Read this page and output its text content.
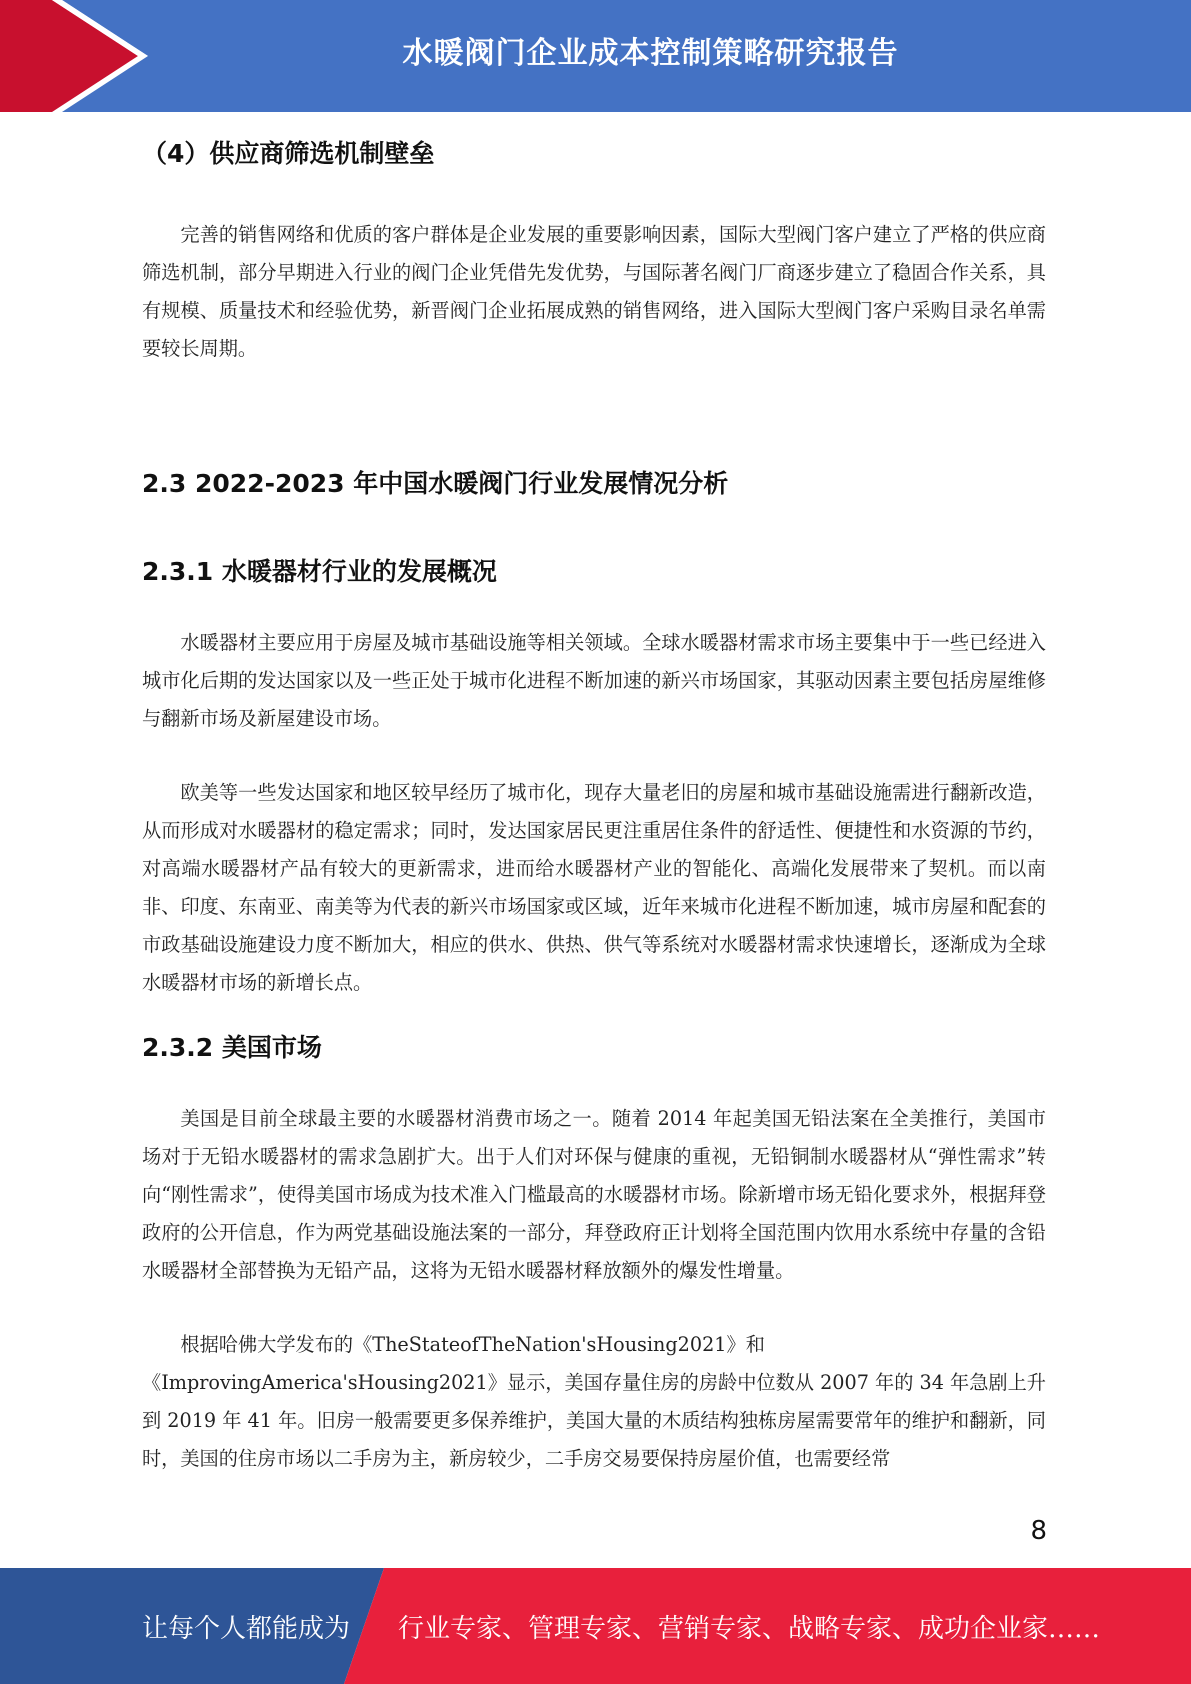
水暖阀门企业成本控制策略研究报告
（4）供应商筛选机制壁垒

完善的销售网络和优质的客户群体是企业发展的重要影响因素，国际大型阀门客户建立了严格的供应商筛选机制，部分早期进入行业的阀门企业凭借先发优势，与国际著名阀门厂商逐步建立了稳固合作关系，具有规模、质量技术和经验优势，新晋阀门企业拓展成熟的销售网络，进入国际大型阀门客户采购目录名单需要较长周期。

2.3 2022-2023 年中国水暖阀门行业发展情况分析
2.3.1 水暖器材行业的发展概况

水暖器材主要应用于房屋及城市基础设施等相关领域。全球水暖器材需求市场主要集中于一些已经进入城市化后期的发达国家以及一些正处于城市化进程不断加速的新兴市场国家，其驱动因素主要包括房屋维修与翻新市场及新屋建设市场。

欧美等一些发达国家和地区较早经历了城市化，现存大量老旧的房屋和城市基础设施需进行翻新改造，从而形成对水暖器材的稳定需求；同时，发达国家居民更注重居住条件的舒适性、便捷性和水资源的节约，对高端水暖器材产品有较大的更新需求，进而给水暖器材产业的智能化、高端化发展带来了契机。而以南非、印度、东南亚、南美等为代表的新兴市场国家或区域，近年来城市化进程不断加速，城市房屋和配套的市政基础设施建设力度不断加大，相应的供水、供热、供气等系统对水暖器材需求快速增长，逐渐成为全球水暖器材市场的新增长点。

2.3.2 美国市场

美国是目前全球最主要的水暖器材消费市场之一。随着 2014 年起美国无铅法案在全美推行，美国市场对于无铅水暖器材的需求急剧扩大。出于人们对环保与健康的重视，无铅铜制水暖器材从“弹性需求”转向“刚性需求”，使得美国市场成为技术准入门槛最高的水暖器材市场。除新增市场无铅化要求外，根据拜登政府的公开信息，作为两党基础设施法案的一部分，拜登政府正计划将全国范围内饮用水系统中存量的含铅水暖器材全部替换为无铅产品，这将为无铅水暖器材释放额外的爆发性增量。

根据哈佛大学发布的《TheStateofTheNation'sHousing2021》和

《ImprovingAmerica'sHousing2021》显示，美国存量住房的房龄中位数从 2007 年的 34 年急剧上升到 2019 年 41 年。旧房一般需要更多保养维护，美国大量的木质结构独栋房屋需要常年的维护和翻新，同时，美国的住房市场以二手房为主，新房较少，二手房交易要保持房屋价值，也需要经常

8
让每个人都能成为 行业专家、管理专家、营销专家、战略专家、成功企业家……
